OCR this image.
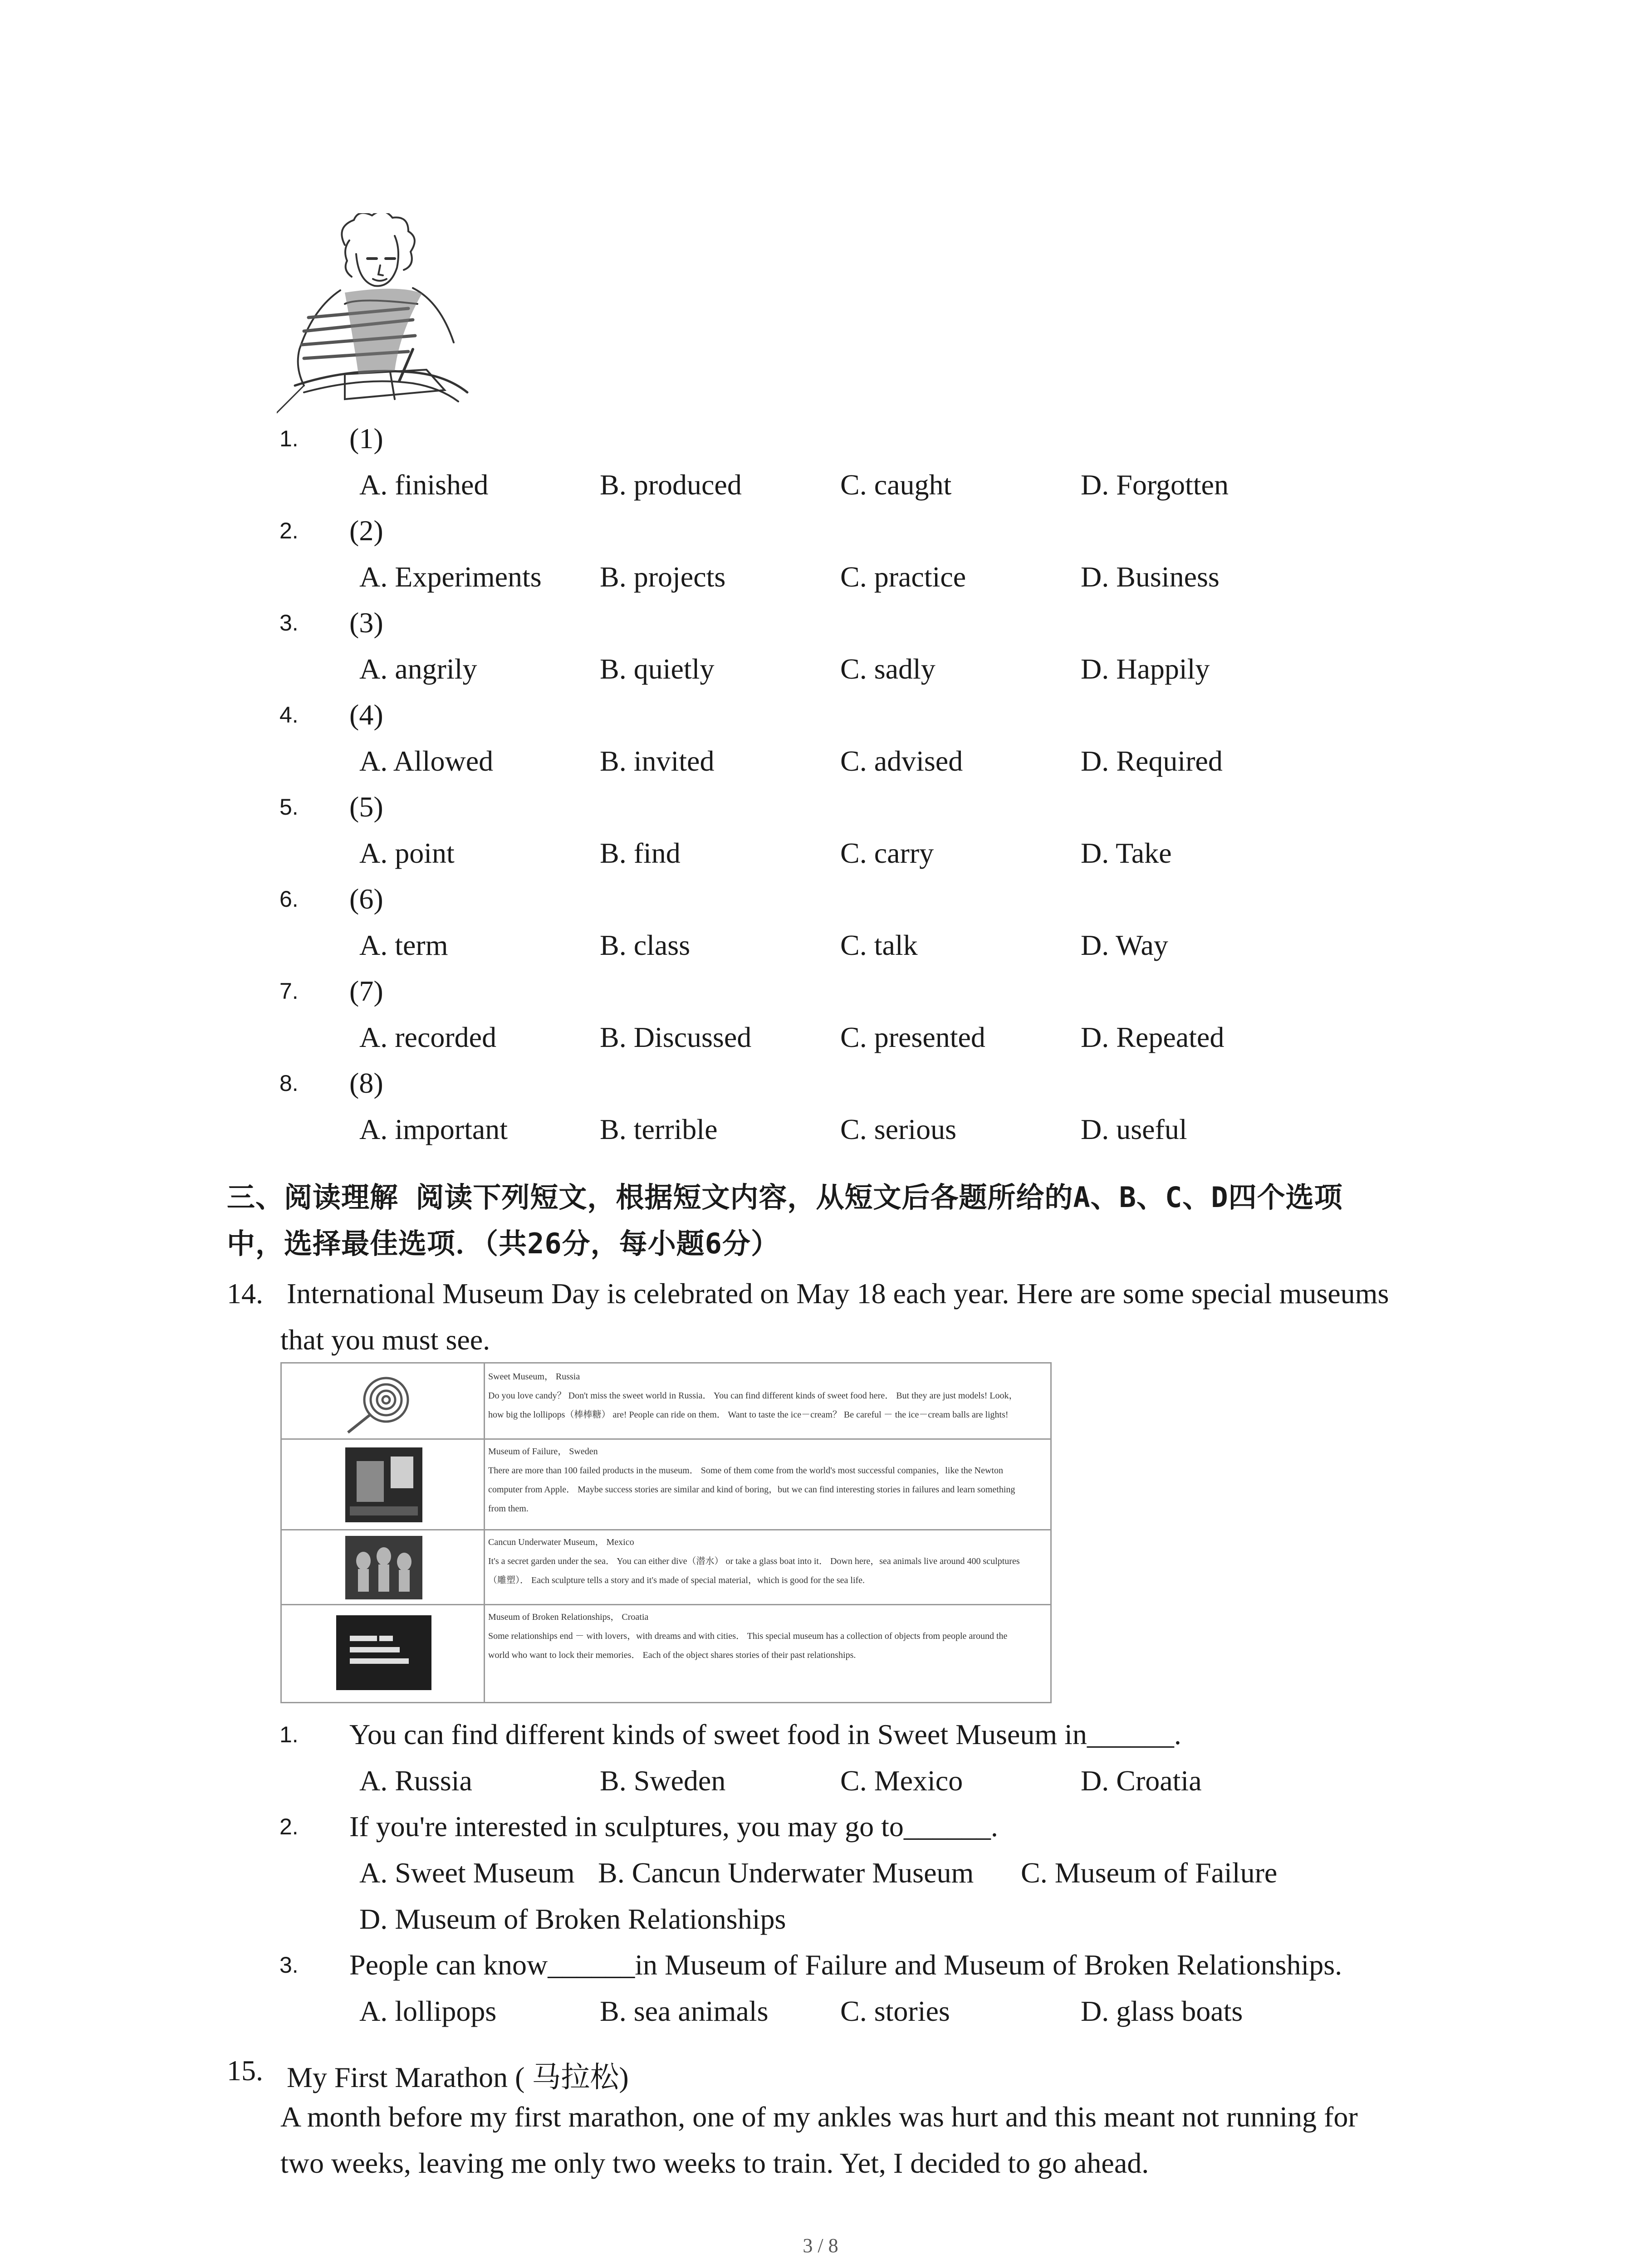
1. (1)
A. finished	B. produced	C. caught	D. Forgotten
2. (2)
A. Experiments B. projects	C. practice	D. Business
3. (3)
A. angrily	B. quietly	C. sadly	D. Happily
4. (4)
A. Allowed	B. invited	C. advised	D. Required
5. (5)
A. point	B. find	C. carry	D. Take
6. (6)
A. term	B. class	C. talk	D. Way
7. (7)
A. recorded	B. Discussed	C. presented	D. Repeated
8. (8)
A. important	B. terrible	C. serious	D. useful
三、阅读理解 阅读下列短文，根据短文内容，从短文后各题所给的A、B、C、D四个选项
中，选择最佳选项．（共26分，每小题6分）
14. International Museum Day is celebrated on May 18 each year. Here are some special museums
that you must see.
Sweet Museum， Russia
Do you love candy？ Don't miss the sweet world in Russia． You can find different kinds of sweet food here． But they are just models! Look，
how big the lollipops（棒棒糖） are! People can ride on them． Want to taste the ice－cream？ Be careful － the ice－cream balls are lights!
Museum of Failure， Sweden
There are more than 100 failed products in the museum． Some of them come from the world's most successful companies，like the Newton
computer from Apple． Maybe success stories are similar and kind of boring，but we can find interesting stories in failures and learn something
from them.
Cancun Underwater Museum， Mexico
It's a secret garden under the sea． You can either dive（潜水） or take a glass boat into it． Down here，sea animals live around 400 sculptures
（雕塑）． Each sculpture tells a story and it's made of special material，which is good for the sea life.
Museum of Broken Relationships， Croatia
Some relationships end － with lovers，with dreams and with cities． This special museum has a collection of objects from people around the
world who want to lock their memories． Each of the object shares stories of their past relationships.
1. You can find different kinds of sweet food in Sweet Museum in______.
A. Russia	B. Sweden	C. Mexico	D. Croatia
2. If you're interested in sculptures, you may go to______.
A. Sweet Museum B. Cancun Underwater Museum C. Museum of Failure
D. Museum of Broken Relationships
3. People can know______in Museum of Failure and Museum of Broken Relationships.
A. lollipops	B. sea animals C. stories	D. glass boats
15. My First Marathon ( 马拉松)
A month before my first marathon, one of my ankles was hurt and this meant not running for
two weeks, leaving me only two weeks to train. Yet, I decided to go ahead.
3 / 8
